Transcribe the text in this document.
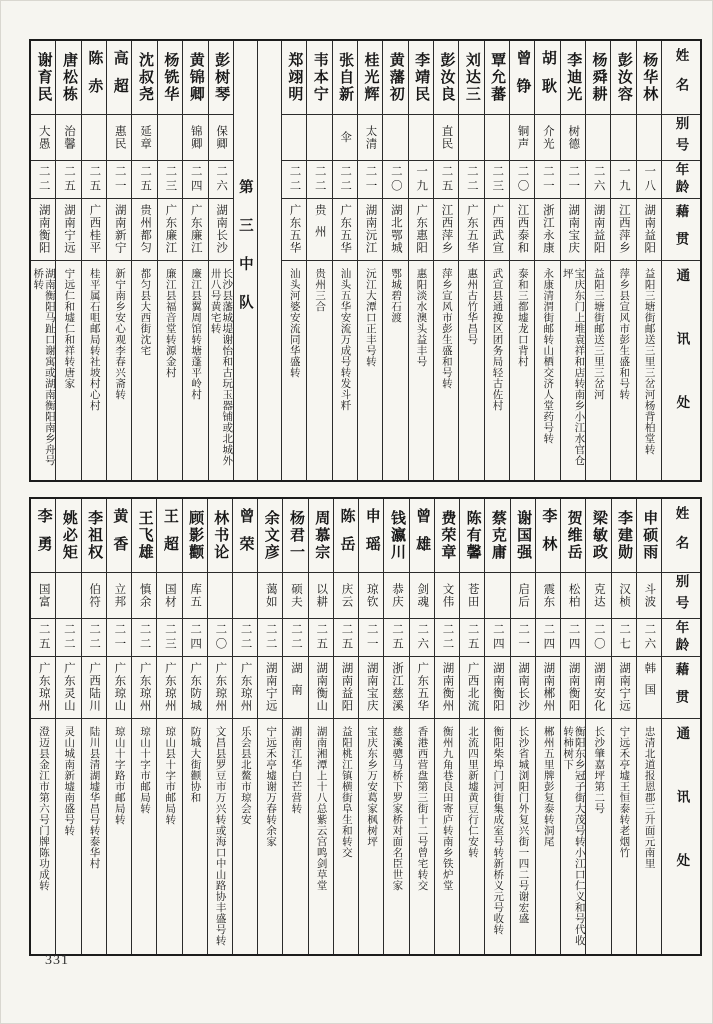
姓名
别号
年龄
藉贯
通讯处
杨华林
一八
湖南益阳
益阳三塘街邮送三里三岔河杨背柏堂转
彭汝容
一九
江西萍乡
萍乡县宣风市彭生盛和号转
杨舜耕
二六
湖南益阳
益阳三塘街邮送三里三岔河
李迪光
树德
二一
湖南宝庆
宝庆东门上堆袁祥和店转南乡小江水官仓坪
胡耿
介光
二一
浙江永康
永康清渭街邮转山栖交济人堂药号转
曾铮
铜声
二〇
江西泰和
泰和三都墟龙口背村
覃允蕃
二三
广西武宣
武宣县通挽区团务局轻古佐村
刘达三
二二
广东五华
惠州古竹华昌号
彭汝良
直民
二五
江西萍乡
萍乡宣风市彭生盛和号转
李靖民
一九
广东惠阳
惠阳淡水澳头益丰号
黄藩初
二〇
湖北鄂城
鄂城碧石渡
桂光辉
太清
二一
湖南沅江
沅江大潭口正丰号转
张自新
伞
二二
广东五华
汕头五华安流万成号转发斗粁
韦本宁
二二
贵州
贵州三合
郑翊明
二二
广东五华
汕头河婆安流同华盛转
第三中队
彭树琴
保卿
二六
湖南长沙
长沙县藩城堤谢怡和古玩玉器铺或北城外卅八号黄宅转
黄锦卿
锦卿
二四
广东廉江
廉江县翼周馆转塘蓬平岭村
杨铣华
二三
广东廉江
廉江县福音堂转源金村
沈叔尧
延章
二五
贵州都匀
都匀县大西街沈宅
高超
惠民
二一
湖南新宁
新宁南乡安心观李春兴斋转
陈赤
二五
广西桂平
桂平属石咀邮局转社坡村心村
唐松栋
治馨
二五
湖南宁远
宁远仁和墟仁和祥转唐家
谢育民
大愚
二二
湖南衡阳
湖南衡阳马趾口谢寓或湖南衡阳南乡舟号桥转
姓名
别号
年龄
藉贯
通讯处
申硕雨
斗波
二六
韩国
忠清北道报恩郡三升面元南里
李建勋
汉桢
二七
湖南宁远
宁远禾亭墟王恒泰转老烟竹
梁敏政
克达
二〇
湖南安化
长沙肇嘉坪第二号
贺维岳
松柏
二四
湖南衡阳
衡阳东乡冠子街大茂号转小江口仁义和号代收转柿树下
李林
震东
二四
湖南郴州
郴州五里牌彭复泰转洞尾
谢国强
启后
二一
湖南长沙
长沙省城浏阳门外复兴街一四二号谢宏盛
蔡克庸
二四
湖南衡阳
衡阳柴埠门河街集成室号转新桥义元号收转
陈有馨
苍田
二五
广西北流
北流四里新墟黄豆行仁安转
费荣章
文伟
二二
湖南衡州
衡州九角巷良田寄庐转南乡铁炉堂
曾雄
剑魂
二六
广东五华
香港西营盘第三街十二号曾宅转交
钱瀛川
恭庆
二五
浙江慈溪
慈溪骢马桥下罗家桥对面名臣世家
申瑶
琼钦
二一
湖南宝庆
宝庆东乡万安葛家枫树坪
陈岳
庆云
二五
湖南益阳
益阳桃江镇横街阜生和转交
周慕宗
以耕
二五
湖南衡山
湖南湘潭上十八总紫云宫鸣剑草堂
杨君一
硕夫
二二
湖南
湖南江华白芒营转
余文彦
蔼如
二二
湖南宁远
宁远禾亭墟谢万春转余家
曾荣
二二
广东琼州
乐会县北鳌市琼会安
林书论
二〇
广东琼州
文昌县罗豆市万兴转或海口中山路协丰盛号转
顾影颧
库五
二四
广东防城
防城大街颧协和
王超
国材
二三
广东琼州
琼山县十字市邮局转
王飞雄
慎余
二二
广东琼州
琼山十字市邮局转
黄香
立邦
二一
广东琼山
琼山十字路市邮局转
李祖权
伯符
二二
广西陆川
陆川县清湖墟华昌号转泰华村
姚必矩
二二
广东灵山
灵山城南新墟南盛号转
李勇
国富
二五
广东琼州
澄迈县金江市第六号门牌陈功成转
331
